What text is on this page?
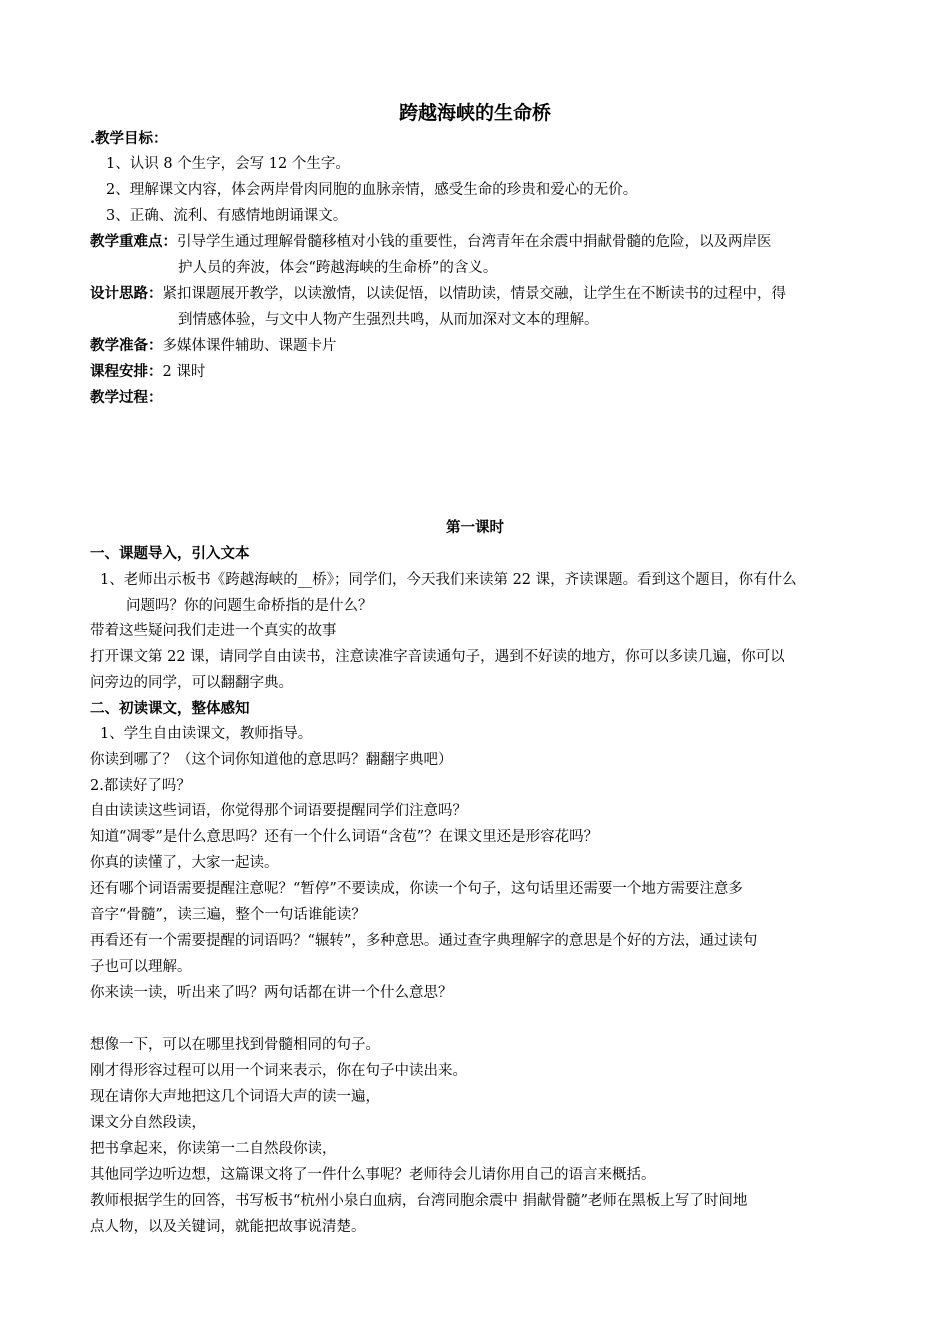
跨越海峡的生命桥
.教学目标：
1、认识 8 个生字，会写 12 个生字。
2、理解课文内容，体会两岸骨肉同胞的血脉亲情，感受生命的珍贵和爱心的无价。
3、正确、流利、有感情地朗诵课文。
教学重难点：引导学生通过理解骨髓移植对小钱的重要性，台湾青年在余震中捐献骨髓的危险，以及两岸医
护人员的奔波，体会“跨越海峡的生命桥”的含义。
设计思路：紧扣课题展开教学，以读激情，以读促悟，以情助读，情景交融，让学生在不断读书的过程中，得
到情感体验，与文中人物产生强烈共鸣，从而加深对文本的理解。
教学准备：多媒体课件辅助、课题卡片
课程安排：2 课时
教学过程：
第一课时
一、课题导入，引入文本
1、老师出示板书《跨越海峡的__桥》；同学们，今天我们来读第 22 课，齐读课题。看到这个题目，你有什么
问题吗？你的问题生命桥指的是什么？
带着这些疑问我们走进一个真实的故事
打开课文第 22 课，请同学自由读书，注意读准字音读通句子，遇到不好读的地方，你可以多读几遍，你可以
问旁边的同学，可以翻翻字典。
二、初读课文，整体感知
1、学生自由读课文，教师指导。
你读到哪了？（这个词你知道他的意思吗？翻翻字典吧）
2.都读好了吗？
自由读读这些词语，你觉得那个词语要提醒同学们注意吗？
知道“凋零”是什么意思吗？还有一个什么词语“含苞”？在课文里还是形容花吗？
你真的读懂了，大家一起读。
还有哪个词语需要提醒注意呢？“暂停”不要读成，你读一个句子，这句话里还需要一个地方需要注意多
音字“骨髓”，读三遍，整个一句话谁能读？
再看还有一个需要提醒的词语吗？“辗转”，多种意思。通过查字典理解字的意思是个好的方法，通过读句
子也可以理解。
你来读一读，听出来了吗？两句话都在讲一个什么意思？
想像一下，可以在哪里找到骨髓相同的句子。
刚才得形容过程可以用一个词来表示，你在句子中读出来。
现在请你大声地把这几个词语大声的读一遍，
课文分自然段读，
把书拿起来，你读第一二自然段你读，
其他同学边听边想，这篇课文将了一件什么事呢？老师待会儿请你用自己的语言来概括。
教师根据学生的回答，书写板书“杭州小泉白血病，台湾同胞余震中 捐献骨髓”老师在黑板上写了时间地
点人物，以及关键词，就能把故事说清楚。
